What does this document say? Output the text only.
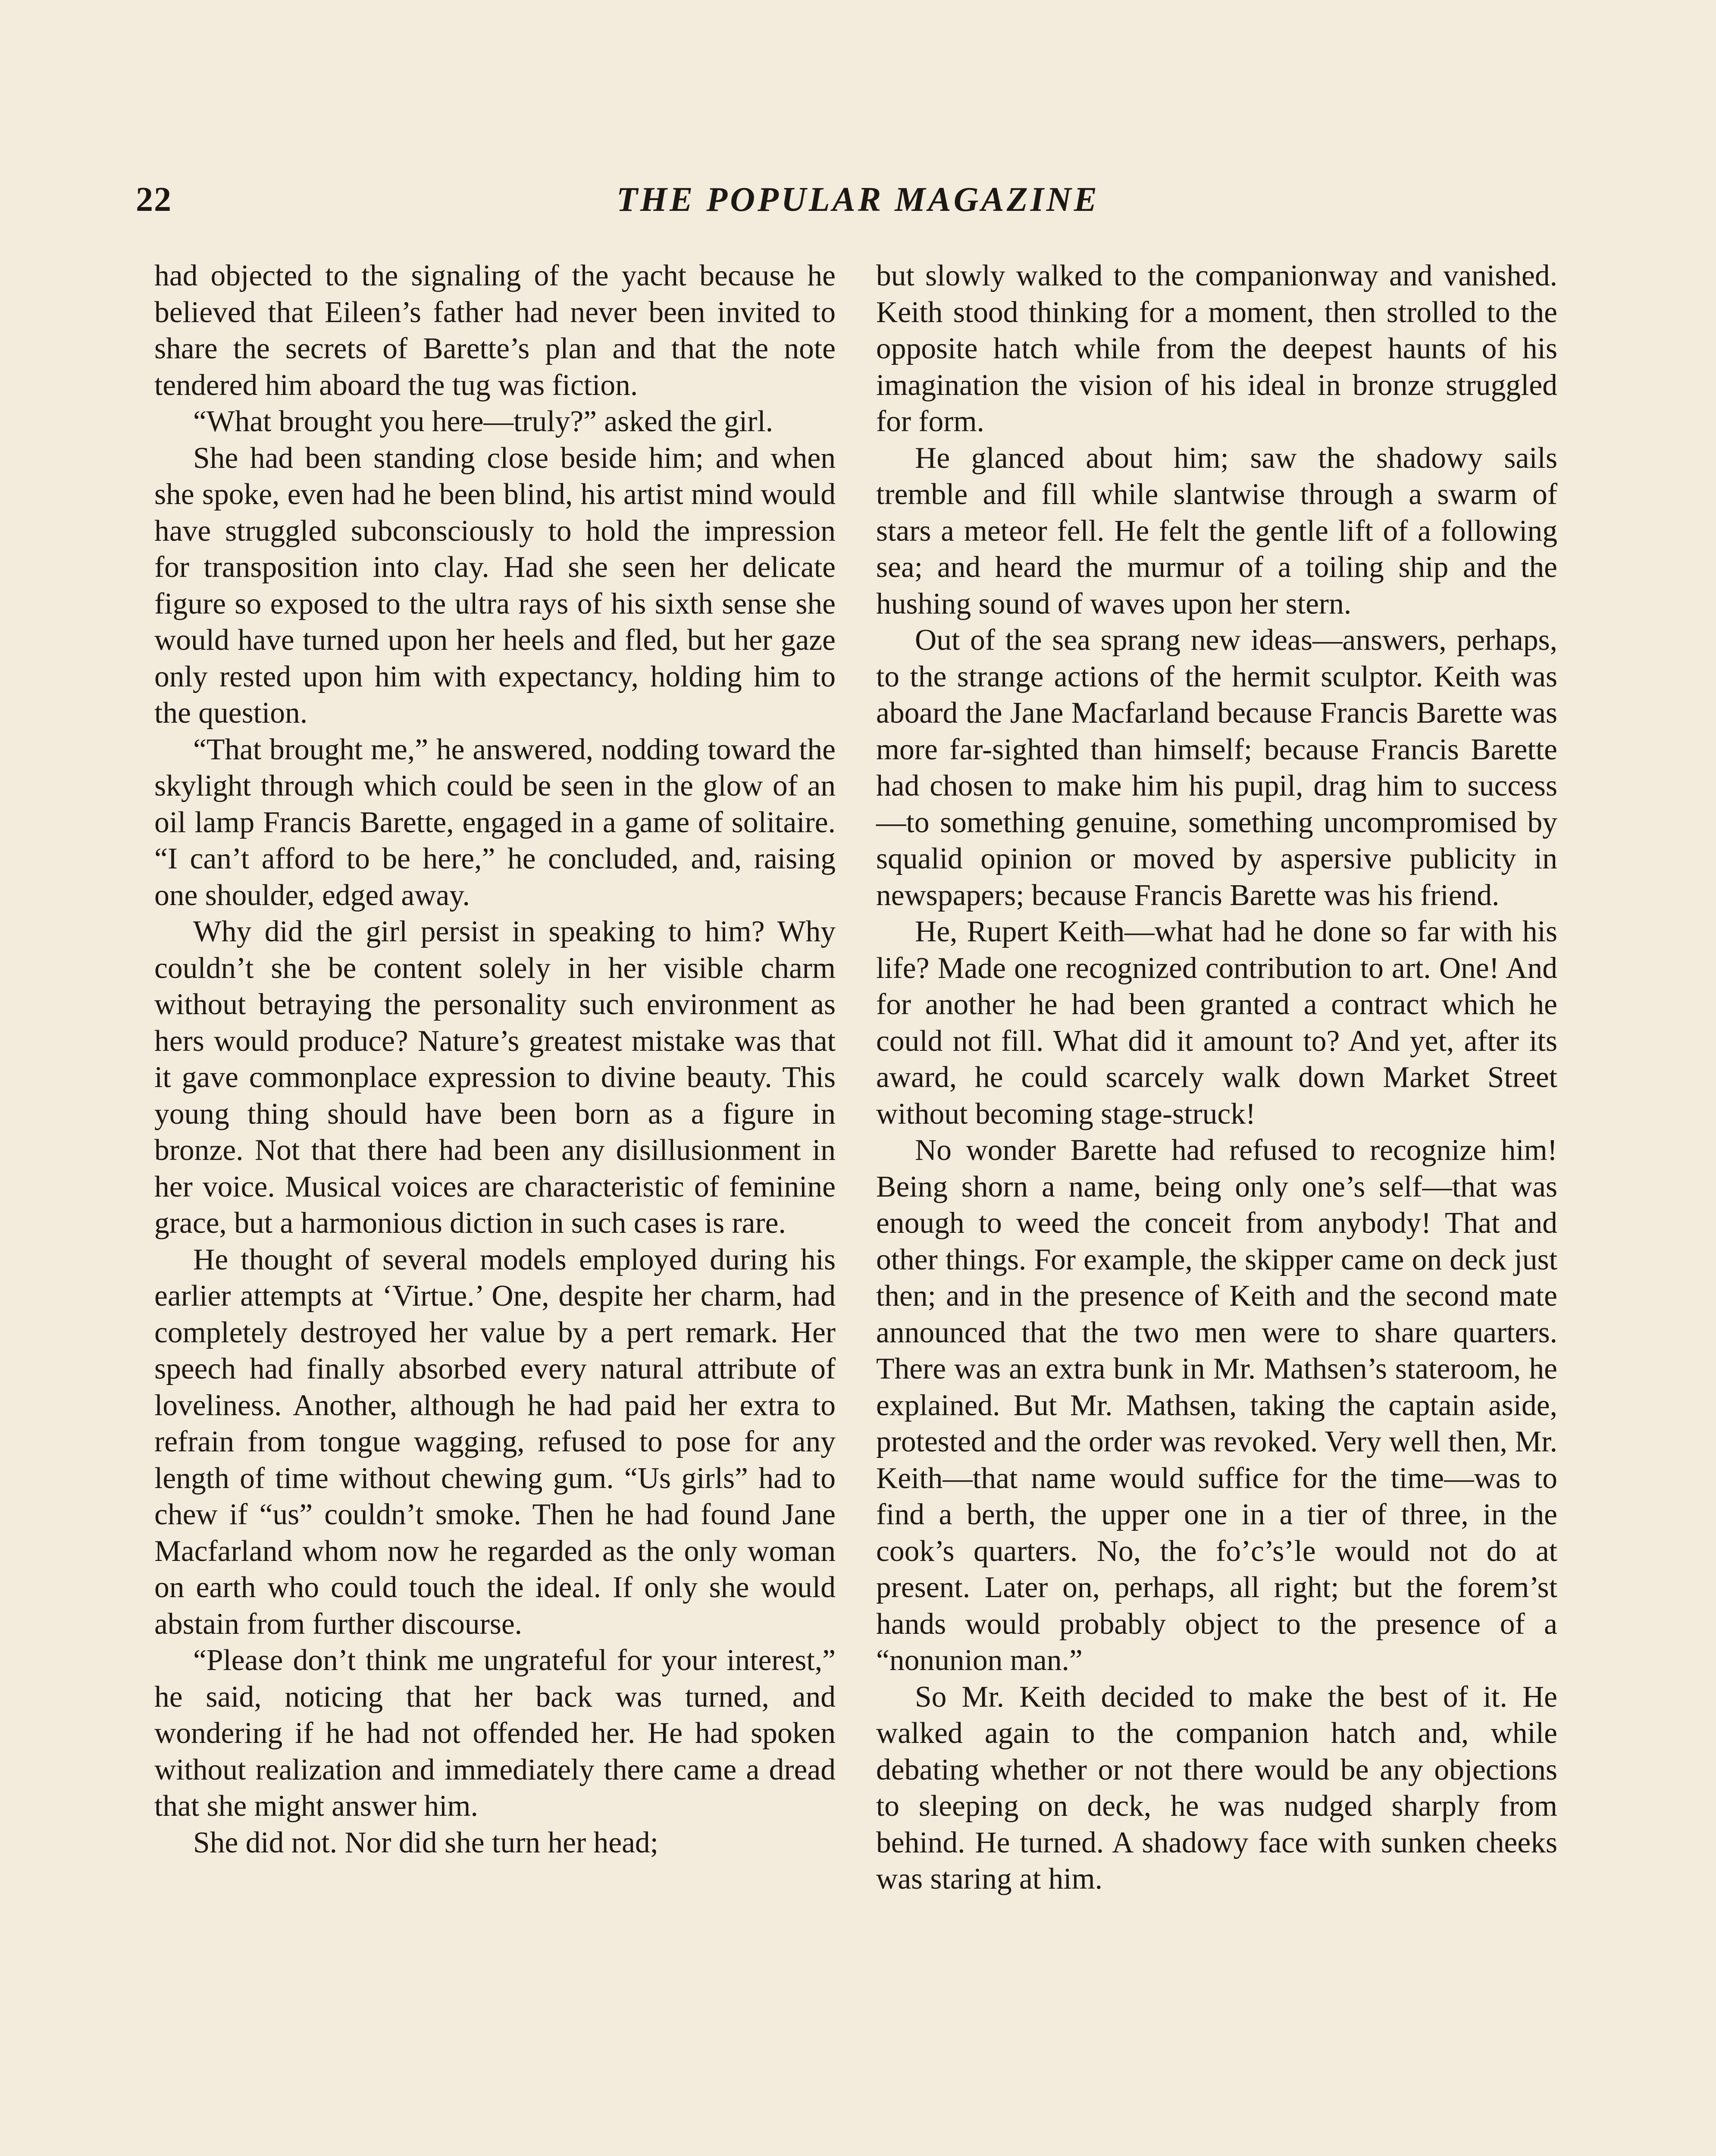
22	THE POPULAR MAGAZINE

had objected to the signaling of the yacht because he believed that Eileen’s father had never been invited to share the secrets of Barette’s plan and that the note tendered him aboard the tug was fiction.

“What brought you here—truly?” asked the girl.

She had been standing close beside him; and when she spoke, even had he been blind, his artist mind would have struggled subconsciously to hold the impression for transposition into clay. Had she seen her delicate figure so exposed to the ultra rays of his sixth sense she would have turned upon her heels and fled, but her gaze only rested upon him with expectancy, holding him to the question.

“That brought me,” he answered, nodding toward the skylight through which could be seen in the glow of an oil lamp Francis Barette, engaged in a game of solitaire. “I can’t afford to be here,” he concluded, and, raising one shoulder, edged away.

Why did the girl persist in speaking to him? Why couldn’t she be content solely in her visible charm without betraying the personality such environment as hers would produce? Nature’s greatest mistake was that it gave commonplace expression to divine beauty. This young thing should have been born as a figure in bronze. Not that there had been any disillusionment in her voice. Musical voices are characteristic of feminine grace, but a harmonious diction in such cases is rare.

He thought of several models employed during his earlier attempts at ‘Virtue.’ One, despite her charm, had completely destroyed her value by a pert remark. Her speech had finally absorbed every natural attribute of loveliness. Another, although he had paid her extra to refrain from tongue wagging, refused to pose for any length of time without chewing gum. “Us girls” had to chew if “us” couldn’t smoke. Then he had found Jane Macfarland whom now he regarded as the only woman on earth who could touch the ideal. If only she would abstain from further discourse.

“Please don’t think me ungrateful for your interest,” he said, noticing that her back was turned, and wondering if he had not offended her. He had spoken without realization and immediately there came a dread that she might answer him.

She did not. Nor did she turn her head;

but slowly walked to the companionway and vanished. Keith stood thinking for a moment, then strolled to the opposite hatch while from the deepest haunts of his imagination the vision of his ideal in bronze struggled for form.

He glanced about him; saw the shadowy sails tremble and fill while slantwise through a swarm of stars a meteor fell. He felt the gentle lift of a following sea; and heard the murmur of a toiling ship and the hushing sound of waves upon her stern.

Out of the sea sprang new ideas—answers, perhaps, to the strange actions of the hermit sculptor. Keith was aboard the Jane Macfarland because Francis Barette was more far-sighted than himself; because Francis Barette had chosen to make him his pupil, drag him to success—to something genuine, something uncompromised by squalid opinion or moved by aspersive publicity in newspapers; because Francis Barette was his friend.

He, Rupert Keith—what had he done so far with his life? Made one recognized contribution to art. One! And for another he had been granted a contract which he could not fill. What did it amount to? And yet, after its award, he could scarcely walk down Market Street without becoming stage-struck!

No wonder Barette had refused to recognize him! Being shorn a name, being only one’s self—that was enough to weed the conceit from anybody! That and other things. For example, the skipper came on deck just then; and in the presence of Keith and the second mate announced that the two men were to share quarters. There was an extra bunk in Mr. Mathsen’s stateroom, he explained. But Mr. Mathsen, taking the captain aside, protested and the order was revoked. Very well then, Mr. Keith—that name would suffice for the time—was to find a berth, the upper one in a tier of three, in the cook’s quarters. No, the fo’c’s’le would not do at present. Later on, perhaps, all right; but the forem’st hands would probably object to the presence of a “nonunion man.”

So Mr. Keith decided to make the best of it. He walked again to the companion hatch and, while debating whether or not there would be any objections to sleeping on deck, he was nudged sharply from behind. He turned. A shadowy face with sunken cheeks was staring at him.
